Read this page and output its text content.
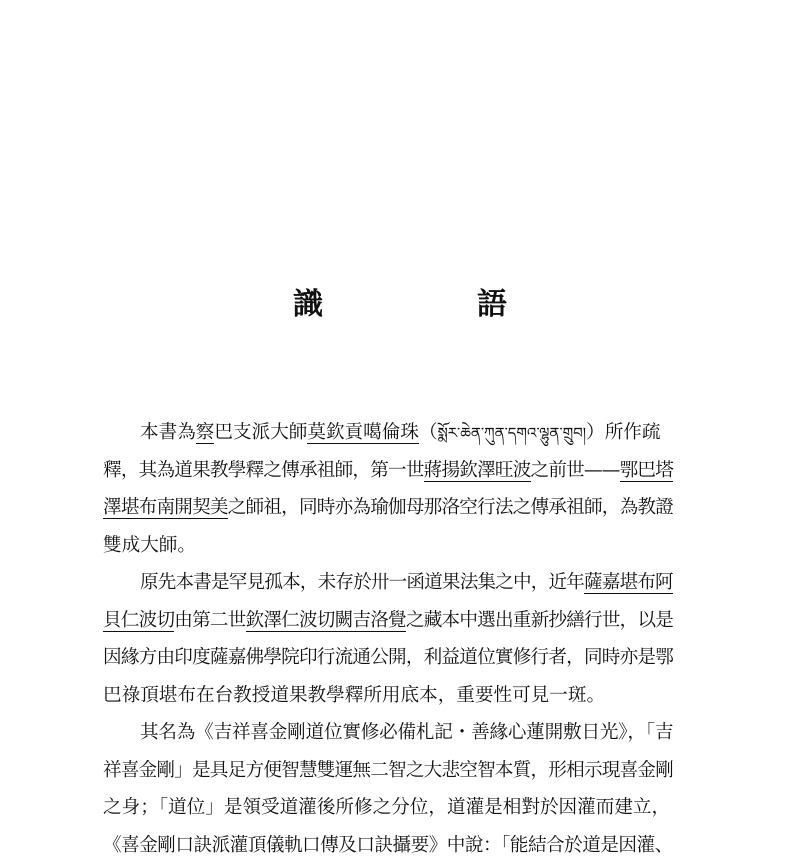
識　語
本書為察巴支派大師莫欽貢噶倫珠（སྨོར་ཆེན་ཀུན་དགའ་ལྷུན་གྲུབ།）所作疏
釋，其為道果教學釋之傳承祖師，第一世蔣揚欽澤旺波之前世——鄂巴塔
澤堪布南開契美之師祖，同時亦為瑜伽母那洛空行法之傳承祖師，為教證
雙成大師。
原先本書是罕見孤本，未存於卅一函道果法集之中，近年薩嘉堪布阿
貝仁波切由第二世欽澤仁波切闕吉洛覺之藏本中選出重新抄繕行世，以是
因緣方由印度薩嘉佛學院印行流通公開，利益道位實修行者，同時亦是鄂
巴祿頂堪布在台教授道果教學釋所用底本，重要性可見一斑。
其名為《吉祥喜金剛道位實修必備札記・善緣心蓮開敷日光》，「吉
祥喜金剛」是具足方便智慧雙運無二智之大悲空智本質，形相示現喜金剛
之身；「道位」是領受道灌後所修之分位，道灌是相對於因灌而建立，
《喜金剛口訣派灌頂儀軌口傳及口訣攝要》中說：「能結合於道是因灌、
